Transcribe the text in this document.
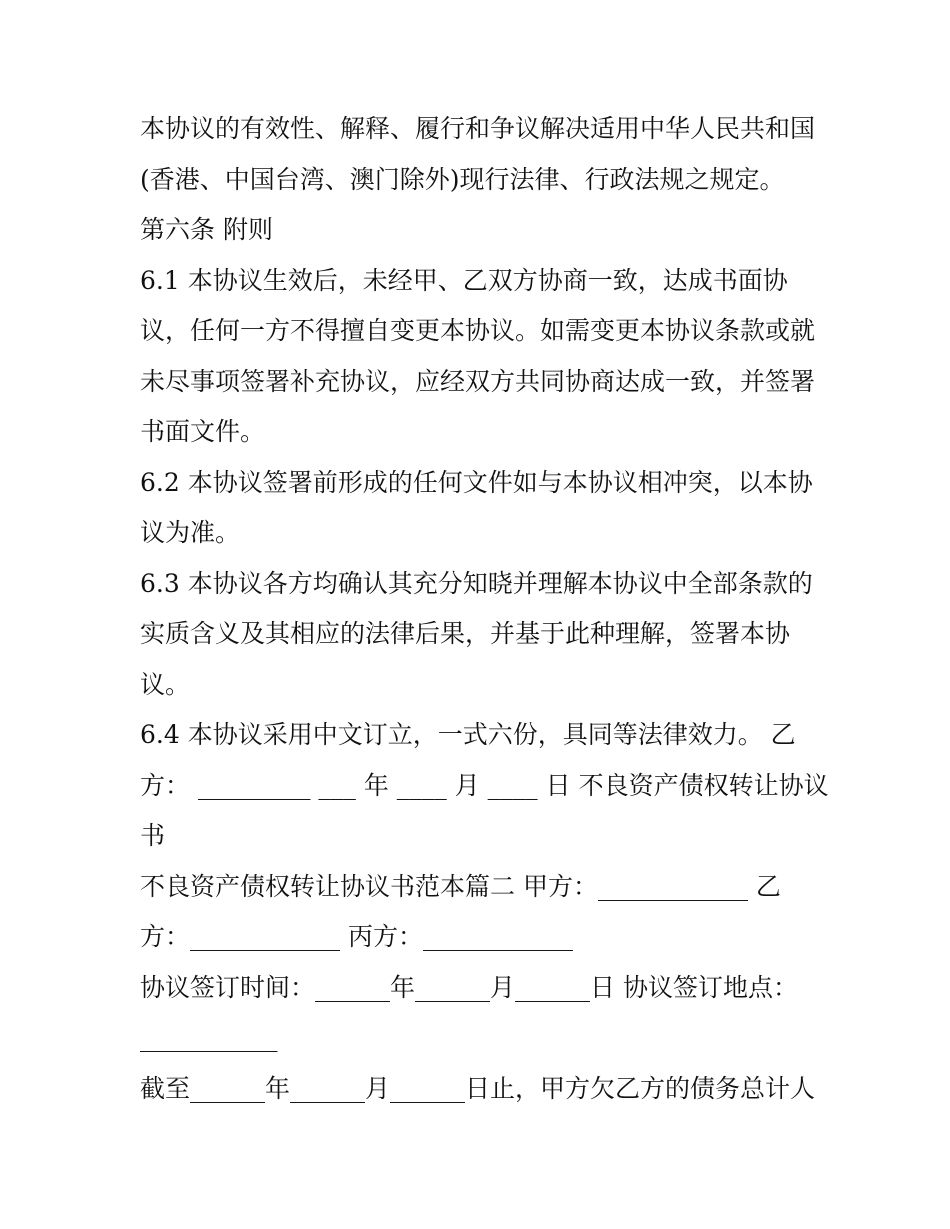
本协议的有效性、解释、履行和争议解决适用中华人民共和国
(香港、中国台湾、澳门除外)现行法律、行政法规之规定。
第六条 附则
6.1 本协议生效后，未经甲、乙双方协商一致，达成书面协
议，任何一方不得擅自变更本协议。如需变更本协议条款或就
未尽事项签署补充协议，应经双方共同协商达成一致，并签署
书面文件。
6.2 本协议签署前形成的任何文件如与本协议相冲突，以本协
议为准。
6.3 本协议各方均确认其充分知晓并理解本协议中全部条款的
实质含义及其相应的法律后果，并基于此种理解，签署本协
议。
6.4 本协议采用中文订立，一式六份，具同等法律效力。 乙
方： _________ ___ 年 ____ 月 ____ 日 不良资产债权转让协议
书
不良资产债权转让协议书范本篇二 甲方：____________ 乙
方：____________ 丙方：____________
协议签订时间：______年______月______日 协议签订地点：
___________
截至______年______月______日止，甲方欠乙方的债务总计人
